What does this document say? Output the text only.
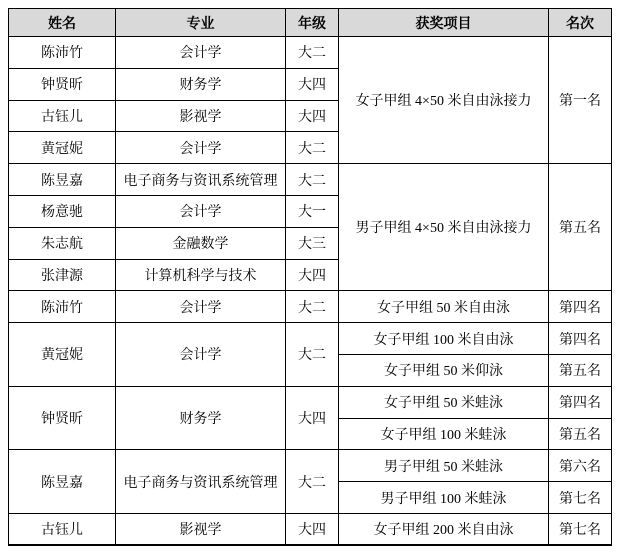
姓名	专业	年级	获奖项目	名次
陈沛竹	会计学	大二	女子甲组 4×50 米自由泳接力	第一名
钟贤昕	财务学	大四		
古钰儿	影视学	大四		
黄冠妮	会计学	大二		
陈昱嘉	电子商务与资讯系统管理	大二	男子甲组 4×50 米自由泳接力	第五名
杨意驰	会计学	大一		
朱志航	金融数学	大三		
张津源	计算机科学与技术	大四		
陈沛竹	会计学	大二	女子甲组 50 米自由泳	第四名
黄冠妮	会计学	大二	女子甲组 100 米自由泳	第四名
			女子甲组 50 米仰泳	第五名
钟贤昕	财务学	大四	女子甲组 50 米蛙泳	第四名
			女子甲组 100 米蛙泳	第五名
陈昱嘉	电子商务与资讯系统管理	大二	男子甲组 50 米蛙泳	第六名
			男子甲组 100 米蛙泳	第七名
古钰儿	影视学	大四	女子甲组 200 米自由泳	第七名
